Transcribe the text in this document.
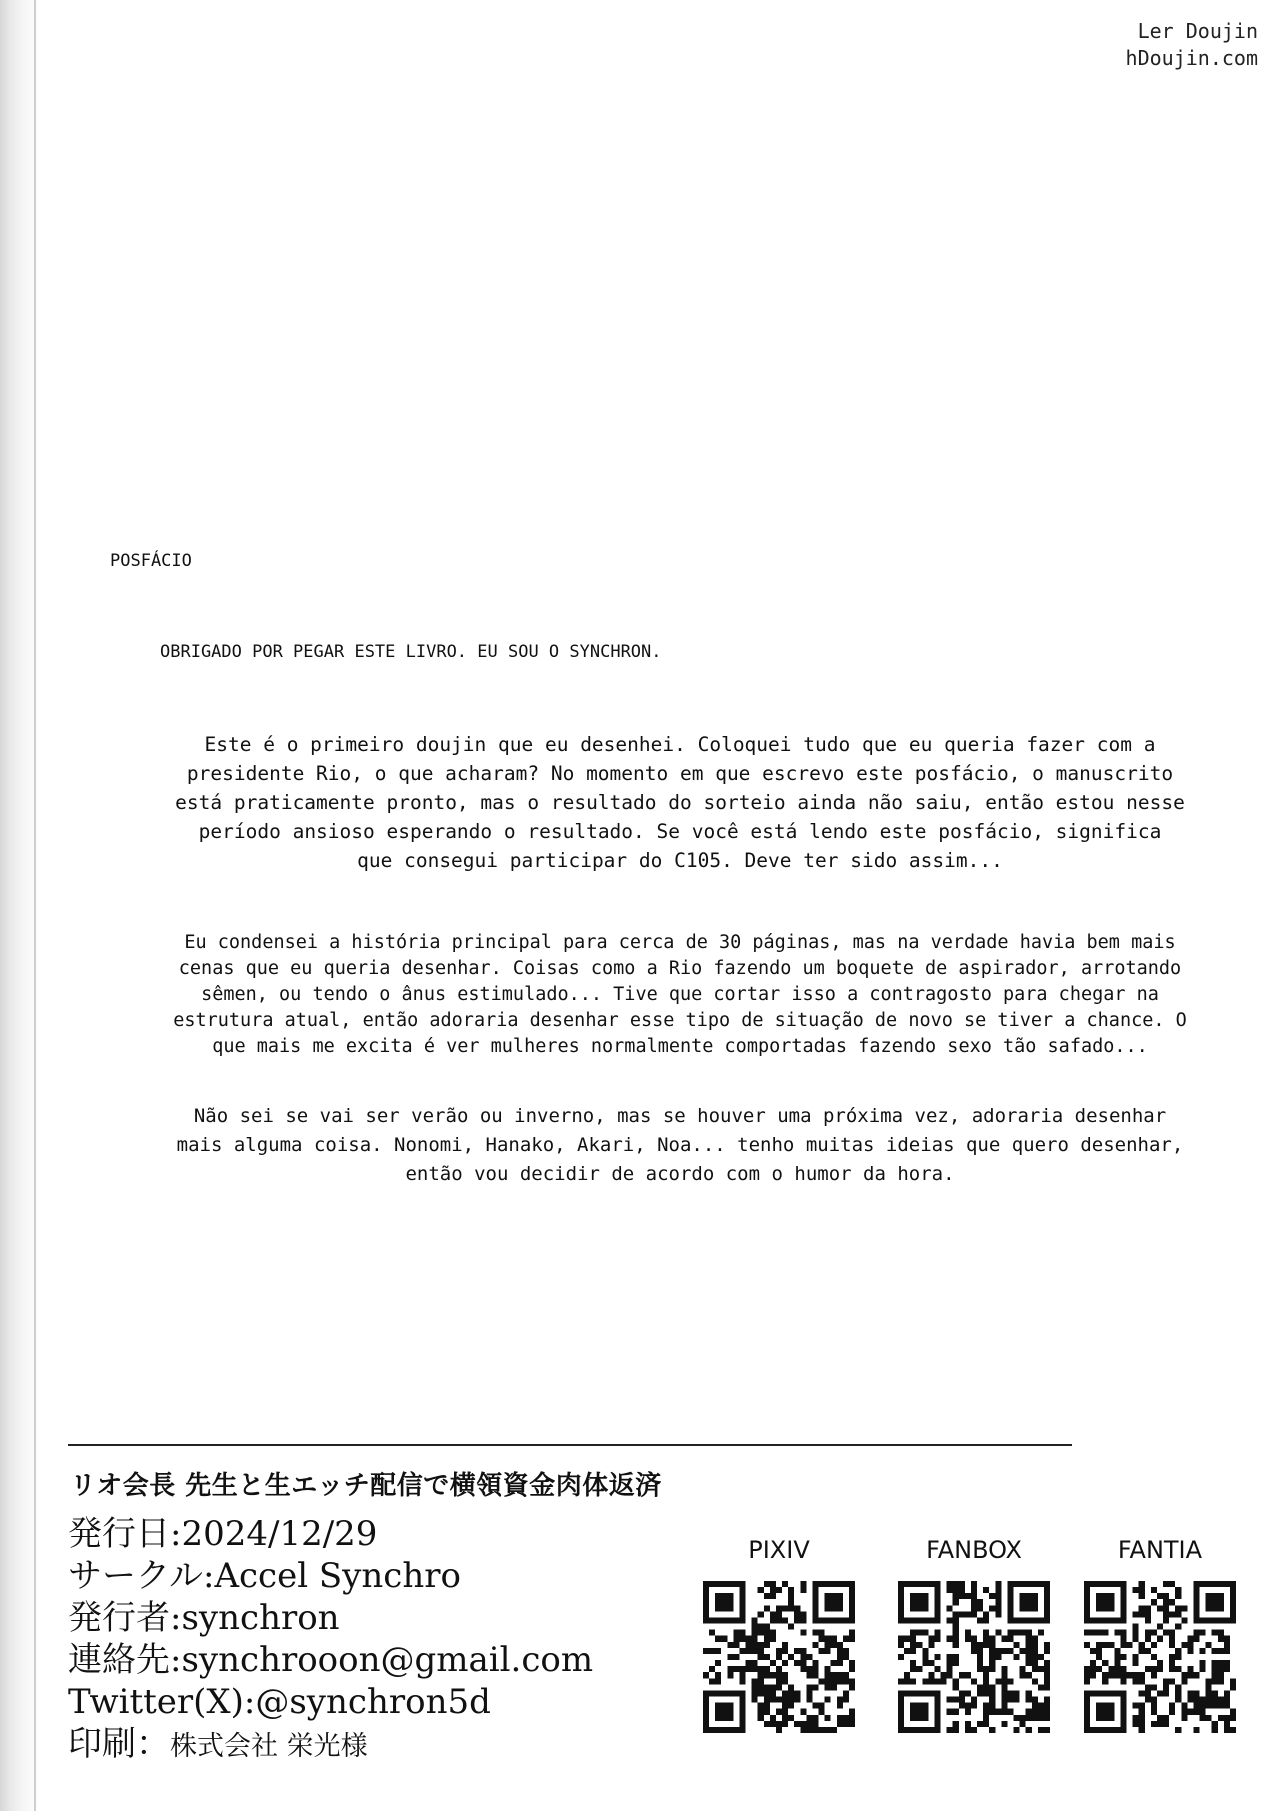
Ler Doujin
hDoujin.com
POSFÁCIO
OBRIGADO POR PEGAR ESTE LIVRO. EU SOU O SYNCHRON.
Este é o primeiro doujin que eu desenhei. Coloquei tudo que eu queria fazer com a
presidente Rio, o que acharam? No momento em que escrevo este posfácio, o manuscrito
está praticamente pronto, mas o resultado do sorteio ainda não saiu, então estou nesse
período ansioso esperando o resultado. Se você está lendo este posfácio, significa
que consegui participar do C105. Deve ter sido assim...
Eu condensei a história principal para cerca de 30 páginas, mas na verdade havia bem mais
cenas que eu queria desenhar. Coisas como a Rio fazendo um boquete de aspirador, arrotando
sêmen, ou tendo o ânus estimulado... Tive que cortar isso a contragosto para chegar na
estrutura atual, então adoraria desenhar esse tipo de situação de novo se tiver a chance. O
que mais me excita é ver mulheres normalmente comportadas fazendo sexo tão safado...
Não sei se vai ser verão ou inverno, mas se houver uma próxima vez, adoraria desenhar
mais alguma coisa. Nonomi, Hanako, Akari, Noa... tenho muitas ideias que quero desenhar,
então vou decidir de acordo com o humor da hora.
リオ会長 先生と生エッチ配信で横領資金肉体返済
発行日:2024/12/29
サークル:Accel Synchro
発行者:synchron
連絡先:synchrooon@gmail.com
Twitter(X):@synchron5d
印刷：株式会社 栄光様
PIXIV	FANBOX	FANTIA
